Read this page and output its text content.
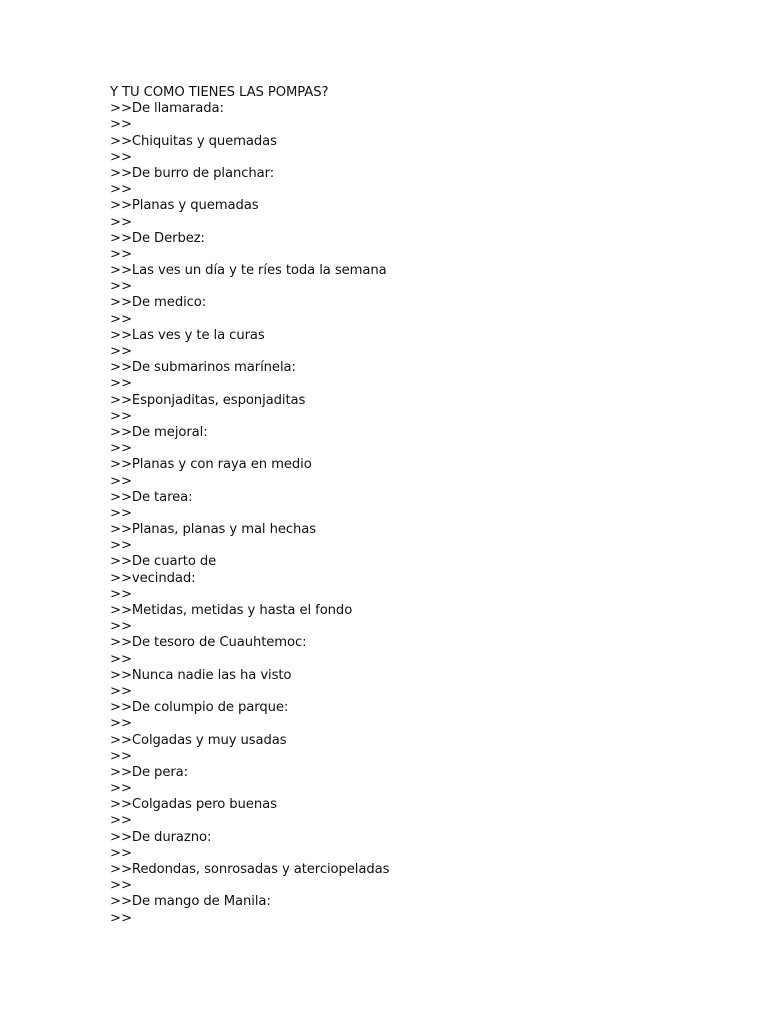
Y TU COMO TIENES LAS POMPAS?
>>De llamarada:
>>
>>Chiquitas y quemadas
>>
>>De burro de planchar:
>>
>>Planas y quemadas
>>
>>De Derbez:
>>
>>Las ves un día y te ríes toda la semana
>>
>>De medico:
>>
>>Las ves y te la curas
>>
>>De submarinos marínela:
>>
>>Esponjaditas, esponjaditas
>>
>>De mejoral:
>>
>>Planas y con raya en medio
>>
>>De tarea:
>>
>>Planas, planas y mal hechas
>>
>>De cuarto de
>>vecindad:
>>
>>Metidas, metidas y hasta el fondo
>>
>>De tesoro de Cuauhtemoc:
>>
>>Nunca nadie las ha visto
>>
>>De columpio de parque:
>>
>>Colgadas y muy usadas
>>
>>De pera:
>>
>>Colgadas pero buenas
>>
>>De durazno:
>>
>>Redondas, sonrosadas y aterciopeladas
>>
>>De mango de Manila:
>>
